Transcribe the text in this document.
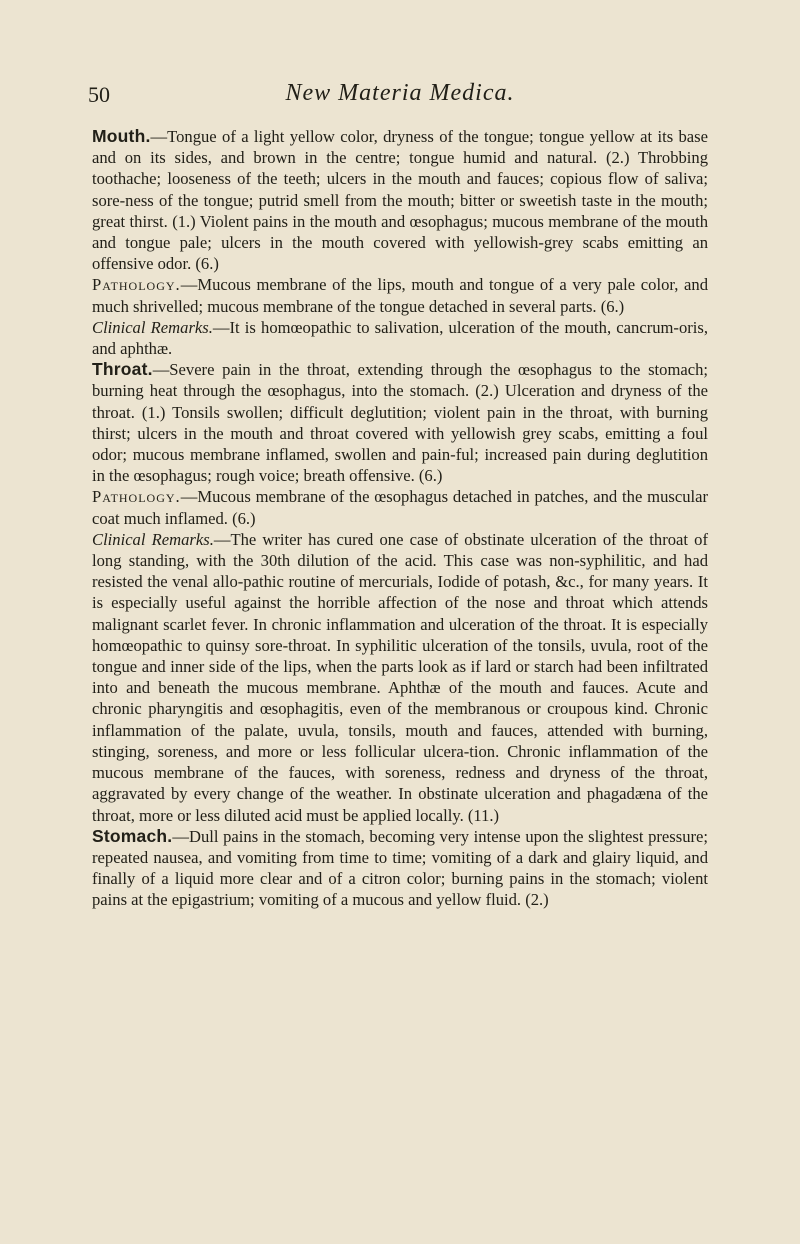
50	New Materia Medica.

Mouth.—Tongue of a light yellow color, dryness of the tongue; tongue yellow at its base and on its sides, and brown in the centre; tongue humid and natural. (2.) Throbbing toothache; looseness of the teeth; ulcers in the mouth and fauces; copious flow of saliva; sore-ness of the tongue; putrid smell from the mouth; bitter or sweetish taste in the mouth; great thirst. (1.) Violent pains in the mouth and œsophagus; mucous membrane of the mouth and tongue pale; ulcers in the mouth covered with yellowish-grey scabs emitting an offensive odor. (6.)

Pathology.—Mucous membrane of the lips, mouth and tongue of a very pale color, and much shrivelled; mucous membrane of the tongue detached in several parts. (6.)

Clinical Remarks.—It is homœopathic to salivation, ulceration of the mouth, cancrum-oris, and aphthæ.

Throat.—Severe pain in the throat, extending through the œsophagus to the stomach; burning heat through the œsophagus, into the stomach. (2.) Ulceration and dryness of the throat. (1.) Tonsils swollen; difficult deglutition; violent pain in the throat, with burning thirst; ulcers in the mouth and throat covered with yellowish grey scabs, emitting a foul odor; mucous membrane inflamed, swollen and pain-ful; increased pain during deglutition in the œsophagus; rough voice; breath offensive. (6.)

Pathology.—Mucous membrane of the œsophagus detached in patches, and the muscular coat much inflamed. (6.)

Clinical Remarks.—The writer has cured one case of obstinate ulceration of the throat of long standing, with the 30th dilution of the acid. This case was non-syphilitic, and had resisted the venal allo-pathic routine of mercurials, Iodide of potash, &c., for many years. It is especially useful against the horrible affection of the nose and throat which attends malignant scarlet fever. In chronic inflammation and ulceration of the throat. It is especially homœopathic to quinsy sore-throat. In syphilitic ulceration of the tonsils, uvula, root of the tongue and inner side of the lips, when the parts look as if lard or starch had been infiltrated into and beneath the mucous membrane. Aphthæ of the mouth and fauces. Acute and chronic pharyngitis and œsophagitis, even of the membranous or croupous kind. Chronic inflammation of the palate, uvula, tonsils, mouth and fauces, attended with burning, stinging, soreness, and more or less follicular ulcera-tion. Chronic inflammation of the mucous membrane of the fauces, with soreness, redness and dryness of the throat, aggravated by every change of the weather. In obstinate ulceration and phagadæna of the throat, more or less diluted acid must be applied locally. (11.)

Stomach.—Dull pains in the stomach, becoming very intense upon the slightest pressure; repeated nausea, and vomiting from time to time; vomiting of a dark and glairy liquid, and finally of a liquid more clear and of a citron color; burning pains in the stomach; violent pains at the epigastrium; vomiting of a mucous and yellow fluid. (2.)
